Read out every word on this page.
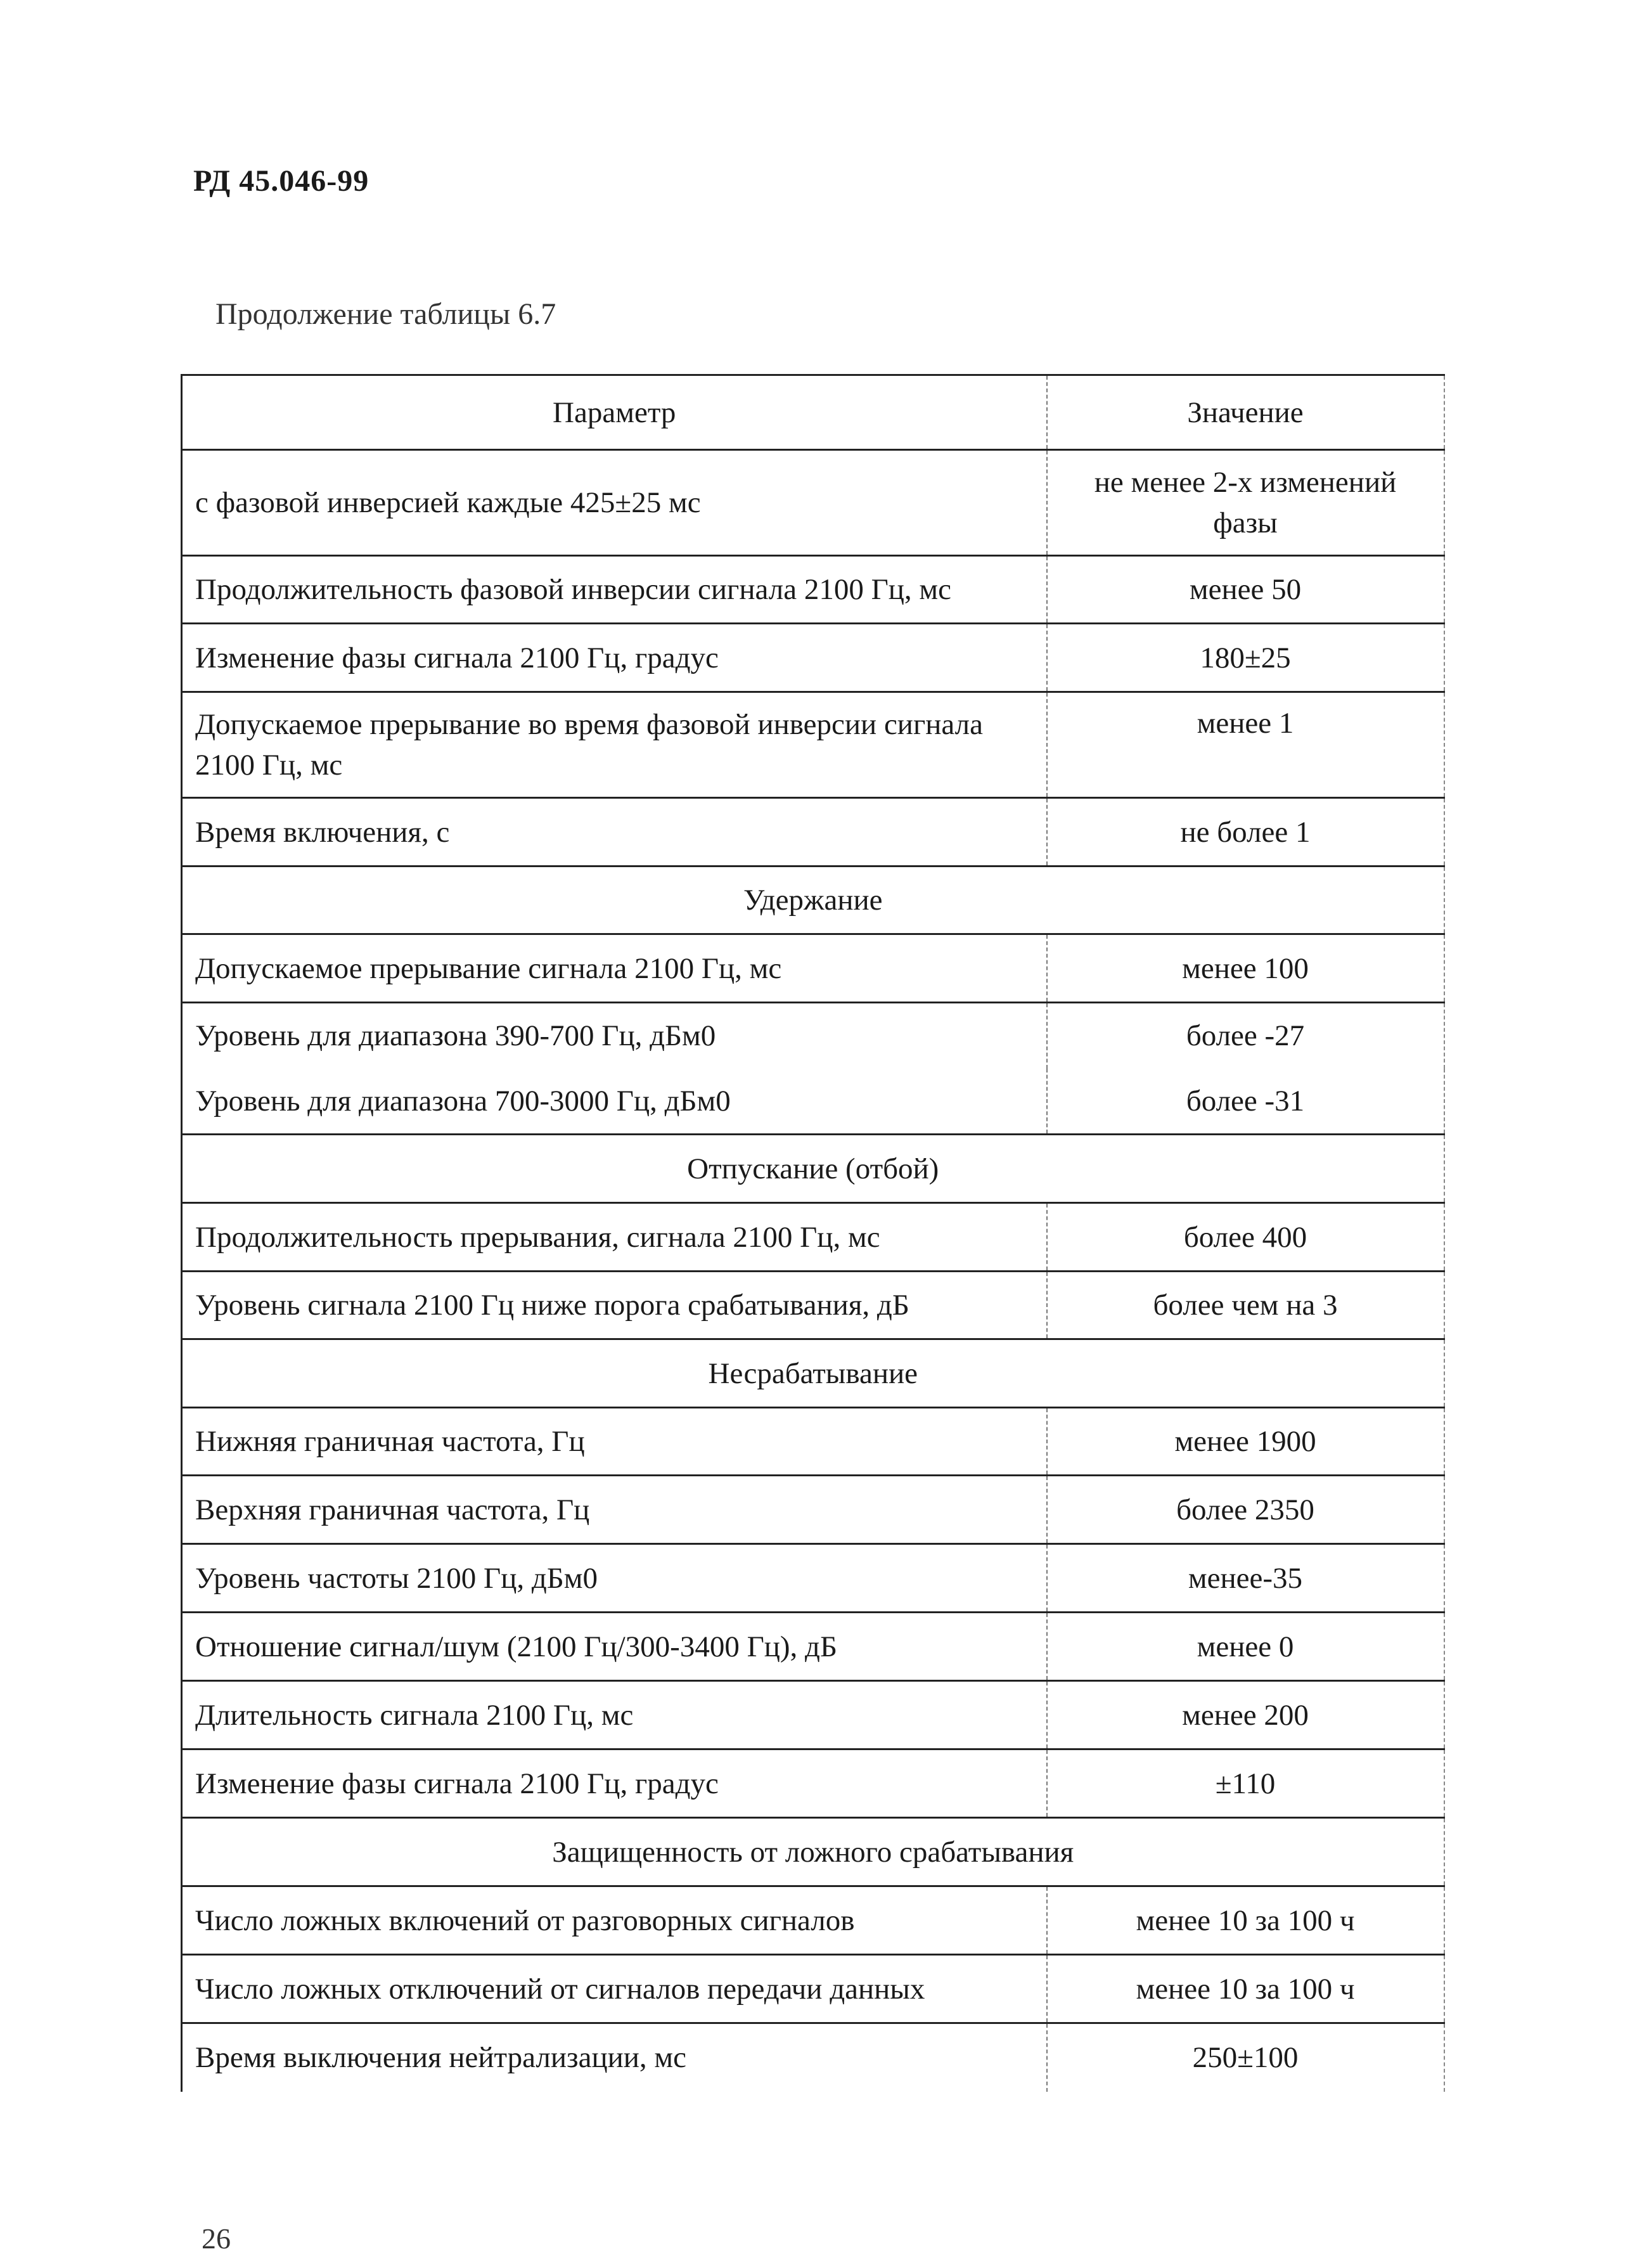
РД 45.046-99
Продолжение таблицы 6.7
Параметр	Значение
с фазовой инверсией каждые 425±25 мс	не менее 2-х изменений фазы
Продолжительность фазовой инверсии сигнала 2100 Гц, мс	менее 50
Изменение фазы сигнала 2100 Гц, градус	180±25
Допускаемое прерывание во время фазовой инверсии сигнала 2100 Гц, мс	менее 1
Время включения, с	не более 1
Удержание	
Допускаемое прерывание сигнала 2100 Гц, мс	менее 100
Уровень для диапазона 390-700 Гц, дБм0	более -27
Уровень для диапазона 700-3000 Гц, дБм0	более -31
Отпускание (отбой)	
Продолжительность прерывания, сигнала 2100 Гц, мс	более 400
Уровень сигнала 2100 Гц ниже порога срабатывания, дБ	более чем на 3
Несрабатывание	
Нижняя граничная частота, Гц	менее 1900
Верхняя граничная частота, Гц	более 2350
Уровень частоты 2100 Гц, дБм0	менее-35
Отношение сигнал/шум (2100 Гц/300-3400 Гц), дБ	менее 0
Длительность сигнала 2100 Гц, мс	менее 200
Изменение фазы сигнала 2100 Гц, градус	±110
Защищенность от ложного срабатывания	
Число ложных включений от разговорных сигналов	менее 10 за 100 ч
Число ложных отключений от сигналов передачи данных	менее 10 за 100 ч
Время выключения нейтрализации, мс	250±100
26
